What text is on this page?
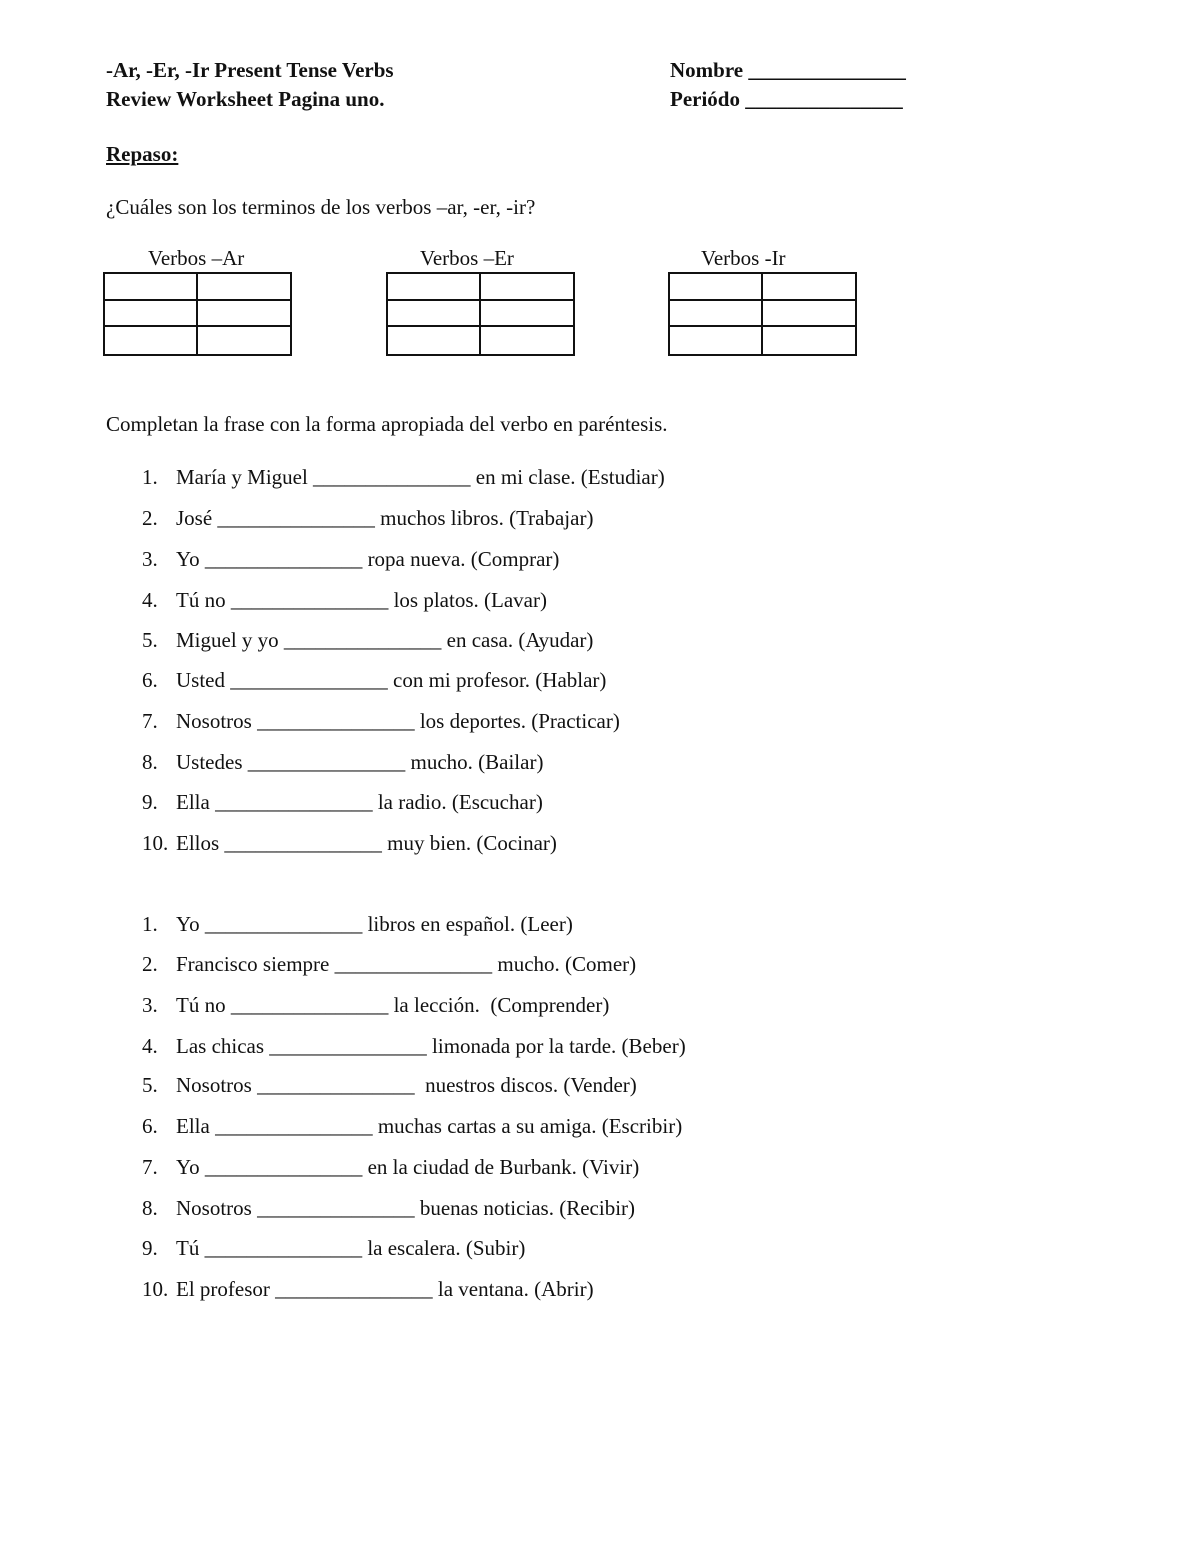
-Ar, -Er, -Ir Present Tense Verbs
Review Worksheet Pagina uno.
Nombre _______________
Periódo _______________
Repaso:
¿Cuáles son los terminos de los verbos –ar, -er, -ir?
Verbos –Ar	Verbos –Er	Verbos -Ir
Completan la frase con la forma apropiada del verbo en paréntesis.
1. María y Miguel _______________ en mi clase. (Estudiar)
2. José _______________ muchos libros. (Trabajar)
3. Yo _______________ ropa nueva. (Comprar)
4. Tú no _______________ los platos. (Lavar)
5. Miguel y yo _______________ en casa. (Ayudar)
6. Usted _______________ con mi profesor. (Hablar)
7. Nosotros _______________ los deportes. (Practicar)
8. Ustedes _______________ mucho. (Bailar)
9. Ella _______________ la radio. (Escuchar)
10. Ellos _______________ muy bien. (Cocinar)
1. Yo _______________ libros en español. (Leer)
2. Francisco siempre _______________ mucho. (Comer)
3. Tú no _______________ la lección.  (Comprender)
4. Las chicas _______________ limonada por la tarde. (Beber)
5. Nosotros _______________  nuestros discos. (Vender)
6. Ella _______________ muchas cartas a su amiga. (Escribir)
7. Yo _______________ en la ciudad de Burbank. (Vivir)
8. Nosotros _______________ buenas noticias. (Recibir)
9. Tú _______________ la escalera. (Subir)
10. El profesor _______________ la ventana. (Abrir)
